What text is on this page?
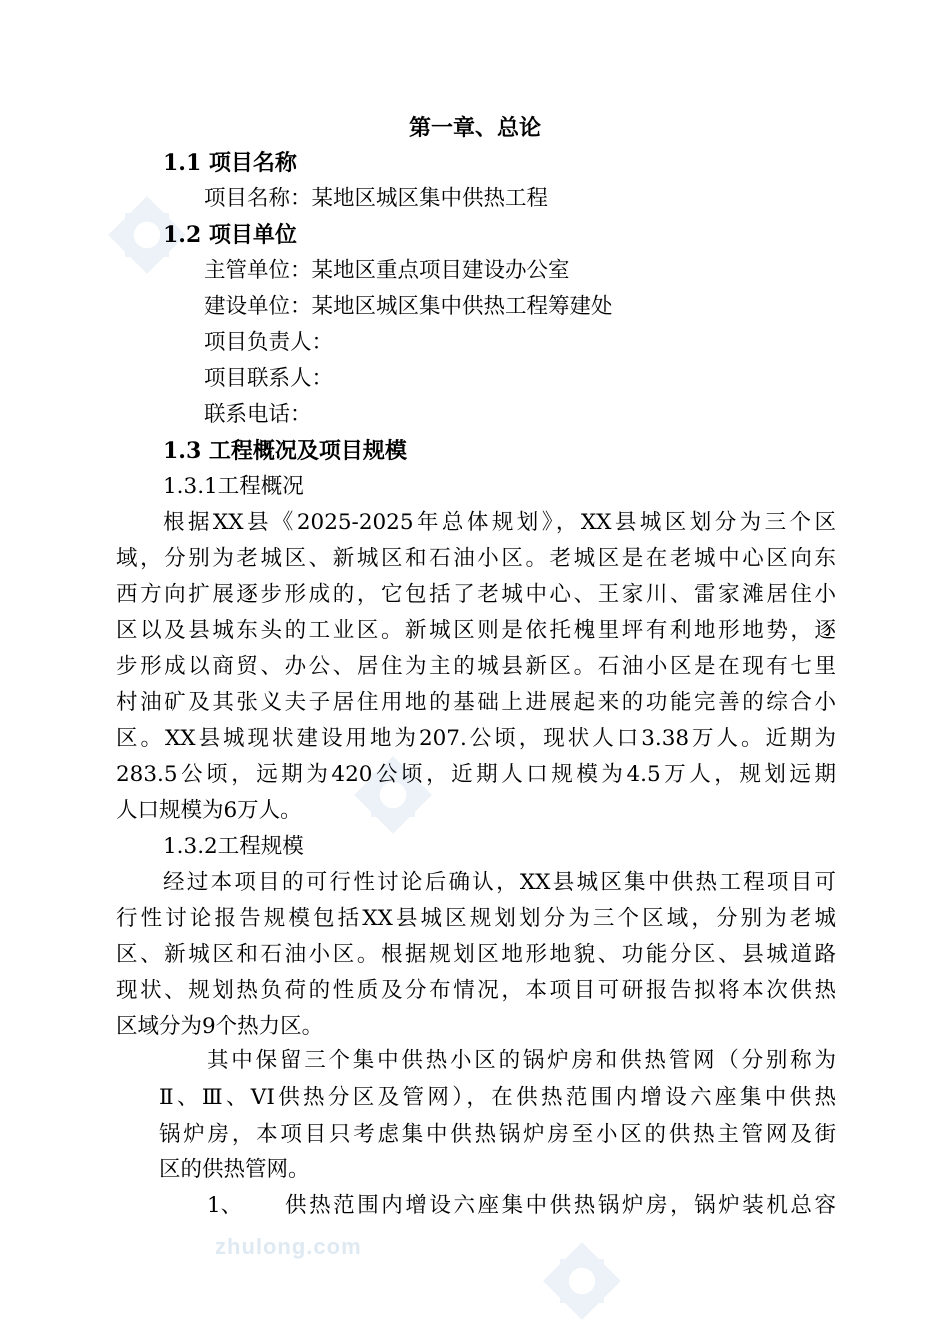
zhulong.com
第一章、总论
1.1 项目名称
项目名称：某地区城区集中供热工程
1.2 项目单位
主管单位：某地区重点项目建设办公室
建设单位：某地区城区集中供热工程筹建处
项目负责人：
项目联系人：
联系电话：
1.3 工程概况及项目规模
1.3.1工程概况
根据XX县《2025-2025年总体规划》，XX县城区划分为三个区
域，分别为老城区、新城区和石油小区。老城区是在老城中心区向东
西方向扩展逐步形成的，它包括了老城中心、王家川、雷家滩居住小
区以及县城东头的工业区。新城区则是依托槐里坪有利地形地势，逐
步形成以商贸、办公、居住为主的城县新区。石油小区是在现有七里
村油矿及其张义夫子居住用地的基础上进展起来的功能完善的综合小
区。XX县城现状建设用地为207.公顷，现状人口3.38万人。近期为
283.5公顷，远期为420公顷，近期人口规模为4.5万人，规划远期
人口规模为6万人。
1.3.2工程规模
经过本项目的可行性讨论后确认，XX县城区集中供热工程项目可
行性讨论报告规模包括XX县城区规划划分为三个区域，分别为老城
区、新城区和石油小区。根据规划区地形地貌、功能分区、县城道路
现状、规划热负荷的性质及分布情况，本项目可研报告拟将本次供热
区域分为9个热力区。
其中保留三个集中供热小区的锅炉房和供热管网（分别称为
Ⅱ、Ⅲ、VI供热分区及管网），在供热范围内增设六座集中供热
锅炉房，本项目只考虑集中供热锅炉房至小区的供热主管网及街
区的供热管网。
1、 供热范围内增设六座集中供热锅炉房，锅炉装机总容
